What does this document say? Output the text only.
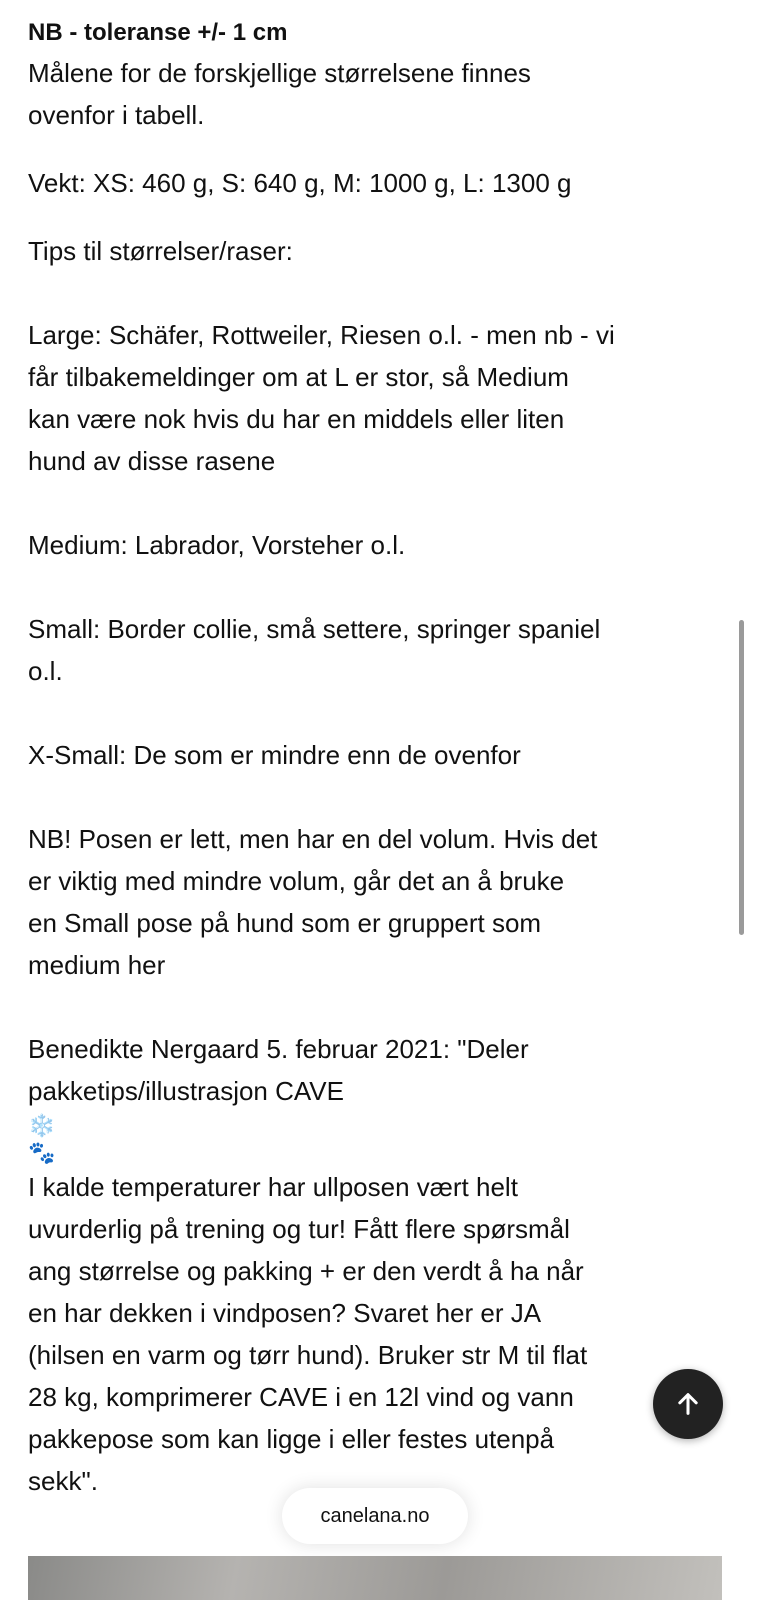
NB - toleranse +/- 1 cm

Målene for de forskjellige størrelsene finnes
ovenfor i tabell.

Vekt: XS: 460 g, S: 640 g, M: 1000 g, L: 1300 g

Tips til størrelser/raser:

Large: Schäfer, Rottweiler, Riesen o.l. - men nb - vi
får tilbakemeldinger om at L er stor, så Medium
kan være nok hvis du har en middels eller liten
hund av disse rasene

Medium: Labrador, Vorsteher o.l.

Small: Border collie, små settere, springer spaniel
o.l.

X-Small: De som er mindre enn de ovenfor

NB! Posen er lett, men har en del volum. Hvis det
er viktig med mindre volum, går det an å bruke
en Small pose på hund som er gruppert som
medium her

Benedikte Nergaard 5. februar 2021: "Deler
pakketips/illustrasjon CAVE

❄️
🐾

I kalde temperaturer har ullposen vært helt
uvurderlig på trening og tur! Fått flere spørsmål
ang størrelse og pakking + er den verdt å ha når
en har dekken i vindposen? Svaret her er JA
(hilsen en varm og tørr hund). Bruker str M til flat
28 kg, komprimerer CAVE i en 12l vind og vann
pakkepose som kan ligge i eller festes utenpå
sekk".

canelana.no
